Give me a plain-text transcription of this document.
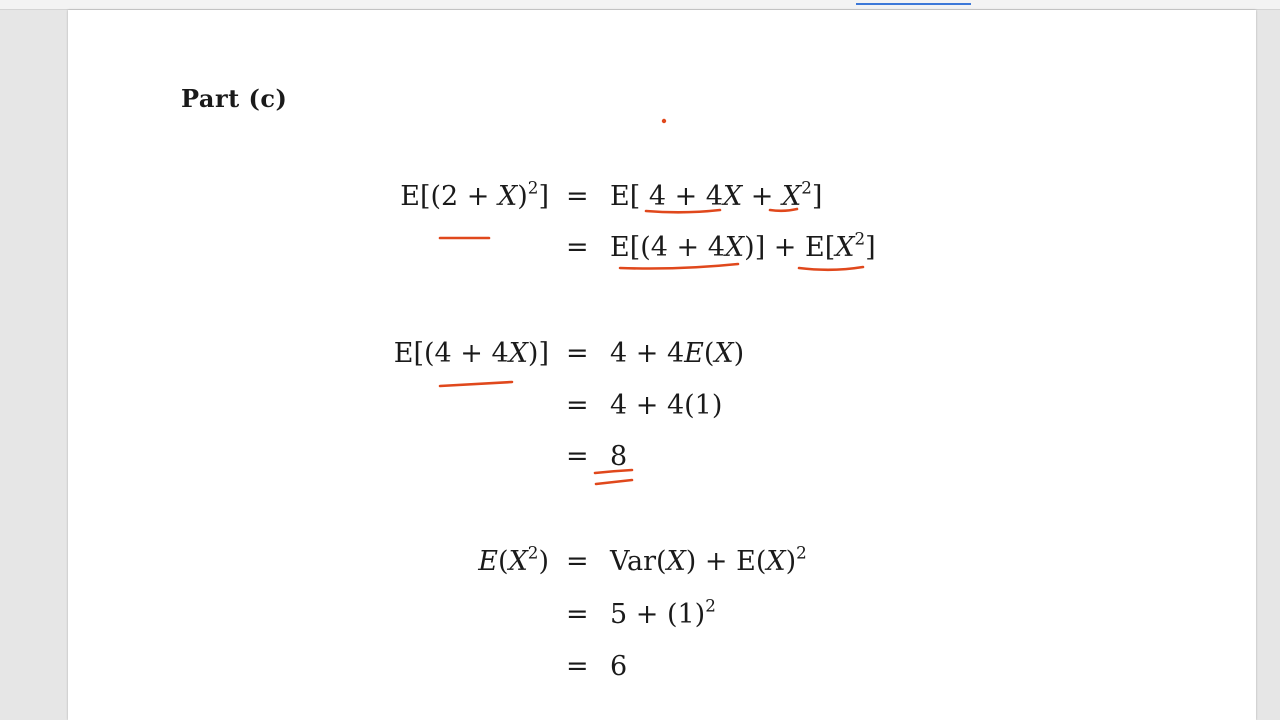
Part (c)
$E[(2 + X)^2] = E$[ $4 + 4X + X^2$]
= $E[(4 + 4X)] + E[X^2]$
E[(4 + 4X)] = 4 + 4E(X)
= 4 + 4(1)
= 8
$E(X^2) = Var(X) + E(X)^2$
= $5 + (1)^2$
= 6
